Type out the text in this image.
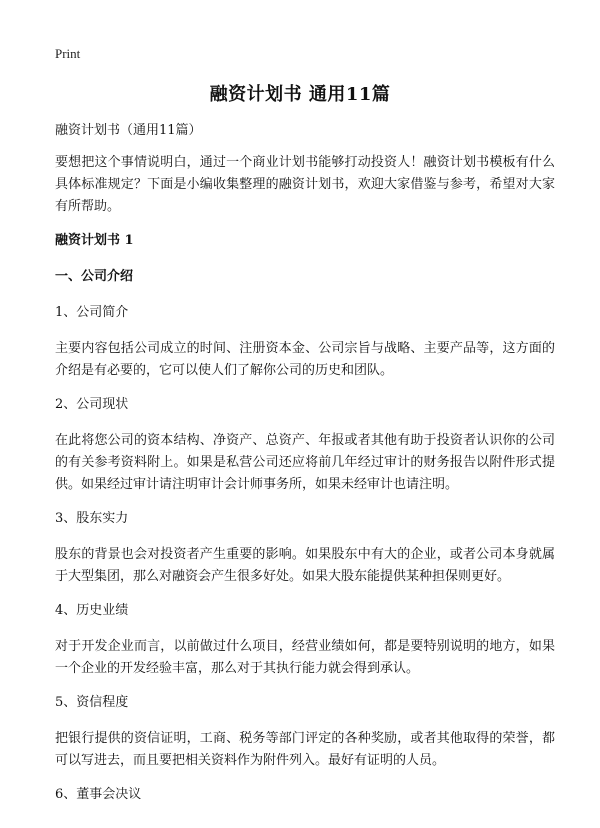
Print
融资计划书 通用11篇

融资计划书（通用11篇）

要想把这个事情说明白，通过一个商业计划书能够打动投资人！融资计划书模板有什么具体标准规定？下面是小编收集整理的融资计划书，欢迎大家借鉴与参考，希望对大家有所帮助。

融资计划书 1

一、公司介绍

1、公司简介

主要内容包括公司成立的时间、注册资本金、公司宗旨与战略、主要产品等，这方面的介绍是有必要的，它可以使人们了解你公司的历史和团队。

2、公司现状

在此将您公司的资本结构、净资产、总资产、年报或者其他有助于投资者认识你的公司的有关参考资料附上。如果是私营公司还应将前几年经过审计的财务报告以附件形式提供。如果经过审计请注明审计会计师事务所，如果未经审计也请注明。

3、股东实力

股东的背景也会对投资者产生重要的影响。如果股东中有大的企业，或者公司本身就属于大型集团，那么对融资会产生很多好处。如果大股东能提供某种担保则更好。

4、历史业绩

对于开发企业而言，以前做过什么项目，经营业绩如何，都是要特别说明的地方，如果一个企业的开发经验丰富，那么对于其执行能力就会得到承认。

5、资信程度

把银行提供的资信证明，工商、税务等部门评定的各种奖励，或者其他取得的荣誉，都可以写进去，而且要把相关资料作为附件列入。最好有证明的人员。

6、董事会决议
